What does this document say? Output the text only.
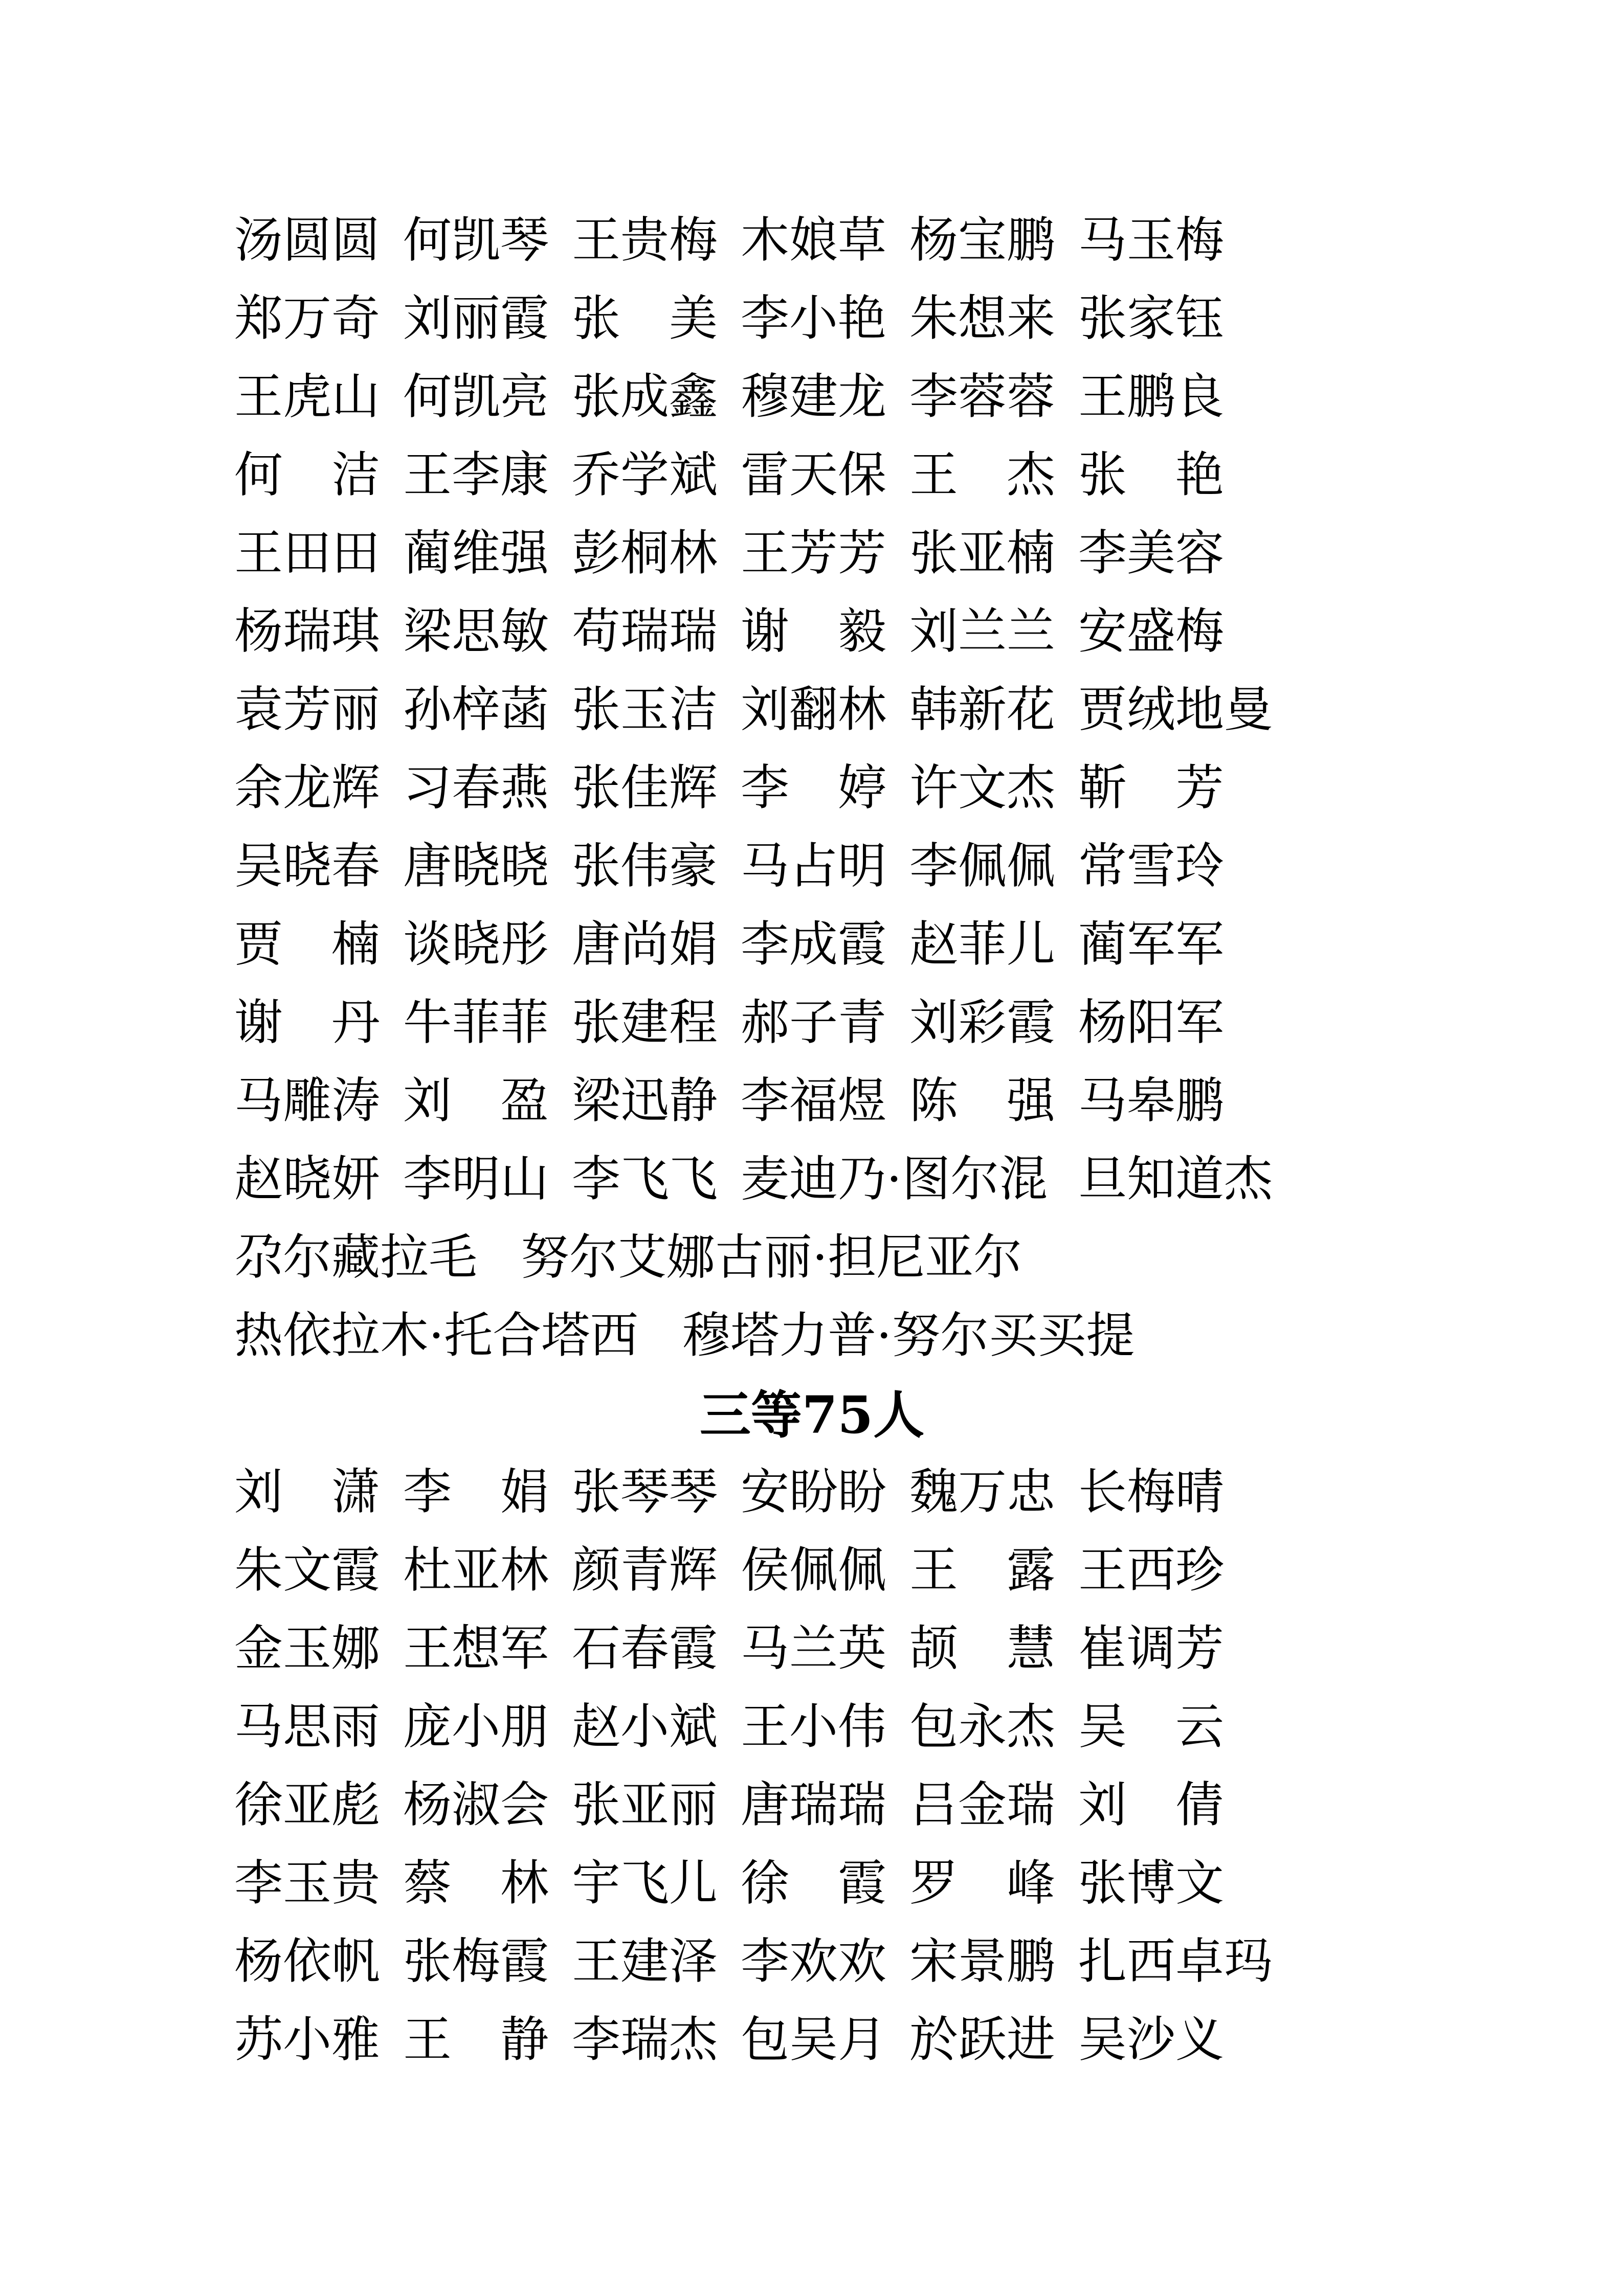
汤圆圆 何凯琴 王贵梅 木娘草 杨宝鹏 马玉梅
郑万奇 刘丽霞 张　美 李小艳 朱想来 张家钰
王虎山 何凯亮 张成鑫 穆建龙 李蓉蓉 王鹏良
何　洁 王李康 乔学斌 雷天保 王　杰 张　艳
王田田 蔺维强 彭桐林 王芳芳 张亚楠 李美容
杨瑞琪 梁思敏 苟瑞瑞 谢　毅 刘兰兰 安盛梅
袁芳丽 孙梓菡 张玉洁 刘翻林 韩新花 贾绒地曼
余龙辉 习春燕 张佳辉 李　婷 许文杰 靳　芳
吴晓春 唐晓晓 张伟豪 马占明 李佩佩 常雪玲
贾　楠 谈晓彤 唐尚娟 李成霞 赵菲儿 蔺军军
谢　丹 牛菲菲 张建程 郝子青 刘彩霞 杨阳军
马雕涛 刘　盈 梁迅静 李福煜 陈　强 马皋鹏
赵晓妍 李明山 李飞飞 麦迪乃·图尔混 旦知道杰
尕尔藏拉毛 努尔艾娜古丽·担尼亚尔
热依拉木·托合塔西 穆塔力普·努尔买买提
三等75人
刘　潇 李　娟 张琴琴 安盼盼 魏万忠 长梅晴
朱文霞 杜亚林 颜青辉 侯佩佩 王　露 王西珍
金玉娜 王想军 石春霞 马兰英 颉　慧 崔调芳
马思雨 庞小朋 赵小斌 王小伟 包永杰 吴　云
徐亚彪 杨淑会 张亚丽 唐瑞瑞 吕金瑞 刘　倩
李玉贵 蔡　林 宇飞儿 徐　霞 罗　峰 张博文
杨依帆 张梅霞 王建泽 李欢欢 宋景鹏 扎西卓玛
苏小雅 王　静 李瑞杰 包吴月 於跃进 吴沙义
